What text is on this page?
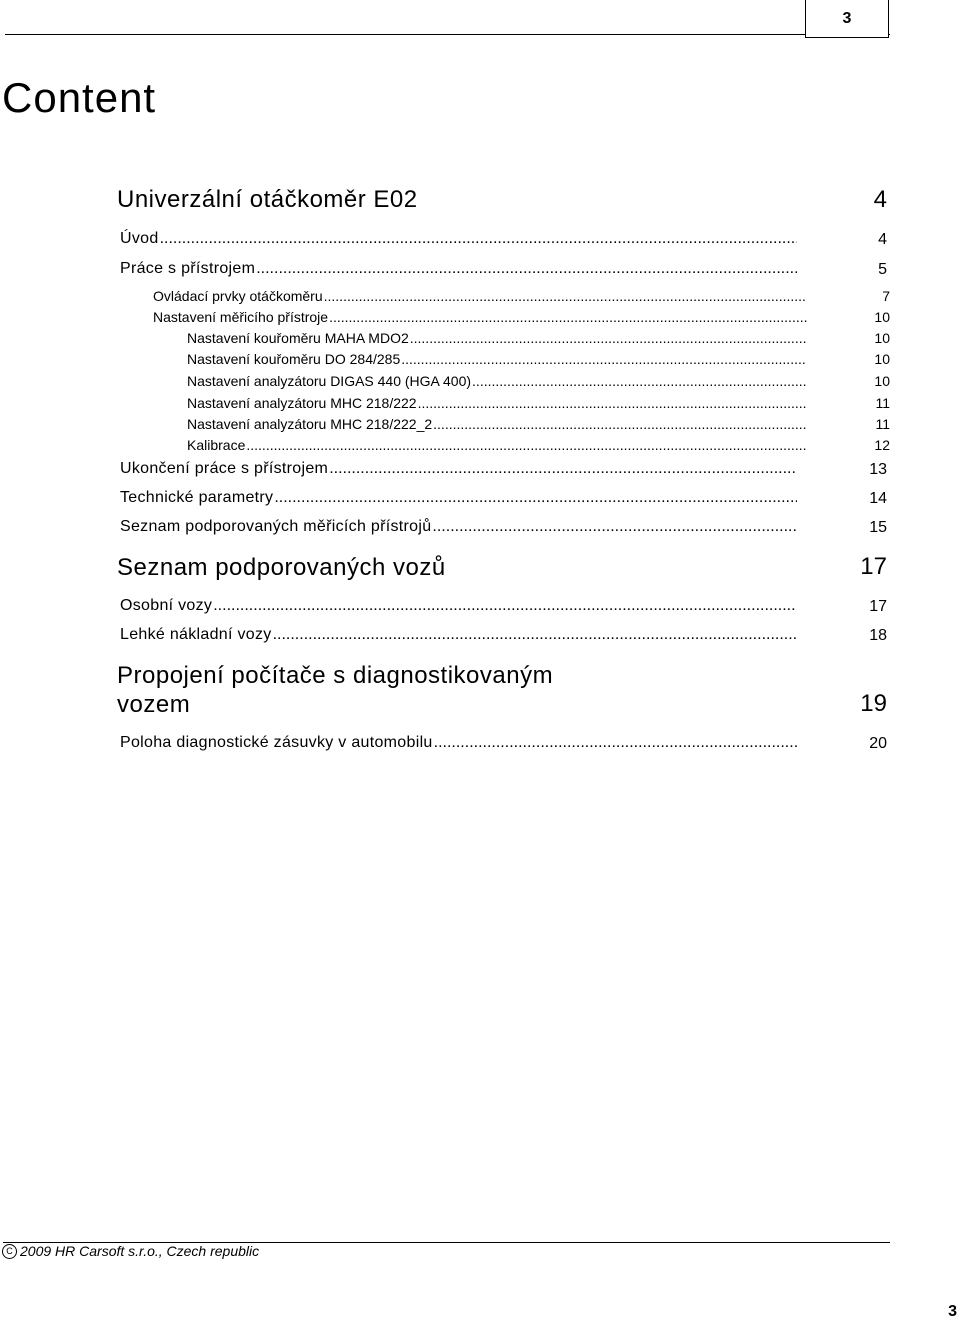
3
Content
Univerzální otáčkoměr E02	4
Úvod .....	4
Práce s přístrojem .....	5
Ovládací prvky otáčkoměru .....	7
Nastavení měřicího přístroje .....	10
Nastavení kouřoměru MAHA MDO2 .....	10
Nastavení kouřoměru DO 284/285 .....	10
Nastavení analyzátoru DIGAS 440 (HGA 400) .....	10
Nastavení analyzátoru MHC 218/222 .....	11
Nastavení analyzátoru MHC 218/222_2 .....	11
Kalibrace .....	12
Ukončení práce s přístrojem .....	13
Technické parametry .....	14
Seznam podporovaných měřicích přístrojů .....	15
Seznam podporovaných vozů	17
Osobní vozy .....	17
Lehké nákladní vozy .....	18
Propojení počítače s diagnostikovaným
vozem	19
Poloha diagnostické zásuvky v automobilu .....	20
C 2009 HR Carsoft s.r.o., Czech republic
3
